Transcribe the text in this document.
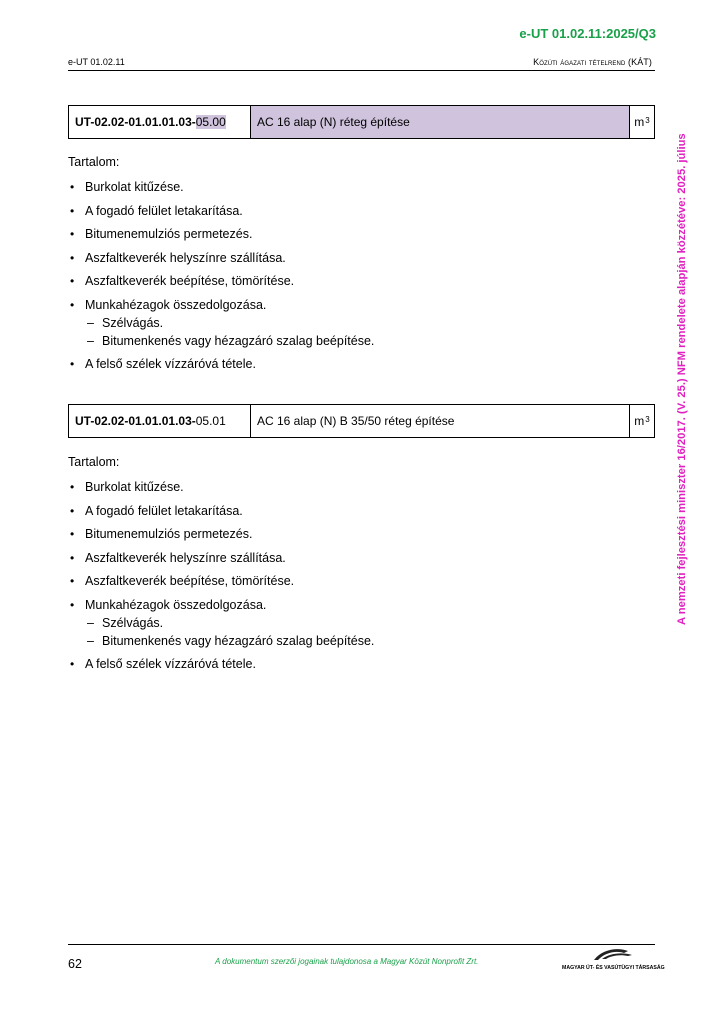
e-UT 01.02.11:2025/Q3
e-UT 01.02.11	Közúti ágazati tételrend (KÁT)
A nemzeti fejlesztési miniszter 16/2017. (V. 25.) NFM rendelete alapján közzétéve: 2025. július
UT-02.02-01.01.01.03- 05.00	AC 16 alap (N) réteg építése	$m^3$
Tartalom:
• Burkolat kitűzése.
• A fogadó felület letakarítása.
• Bitumenemulziós permetezés.
• Aszfaltkeverék helyszínre szállítása.
• Aszfaltkeverék beépítése, tömörítése.
• Munkahézagok összedolgozása.
– Szélvágás.
– Bitumenkenés vagy hézagzáró szalag beépítése.
• A felső szélek vízzáróvá tétele.
UT-02.02-01.01.01.03- 05.01	AC 16 alap (N) B 35/50 réteg építése	$m^3$
Tartalom:
• Burkolat kitűzése.
• A fogadó felület letakarítása.
• Bitumenemulziós permetezés.
• Aszfaltkeverék helyszínre szállítása.
• Aszfaltkeverék beépítése, tömörítése.
• Munkahézagok összedolgozása.
– Szélvágás.
– Bitumenkenés vagy hézagzáró szalag beépítése.
• A felső szélek vízzáróvá tétele.
62	A dokumentum szerzői jogainak tulajdonosa a Magyar Közút Nonprofit Zrt.
MAGYAR ÚT- ÉS VASÚTÜGYI TÁRSASÁG
